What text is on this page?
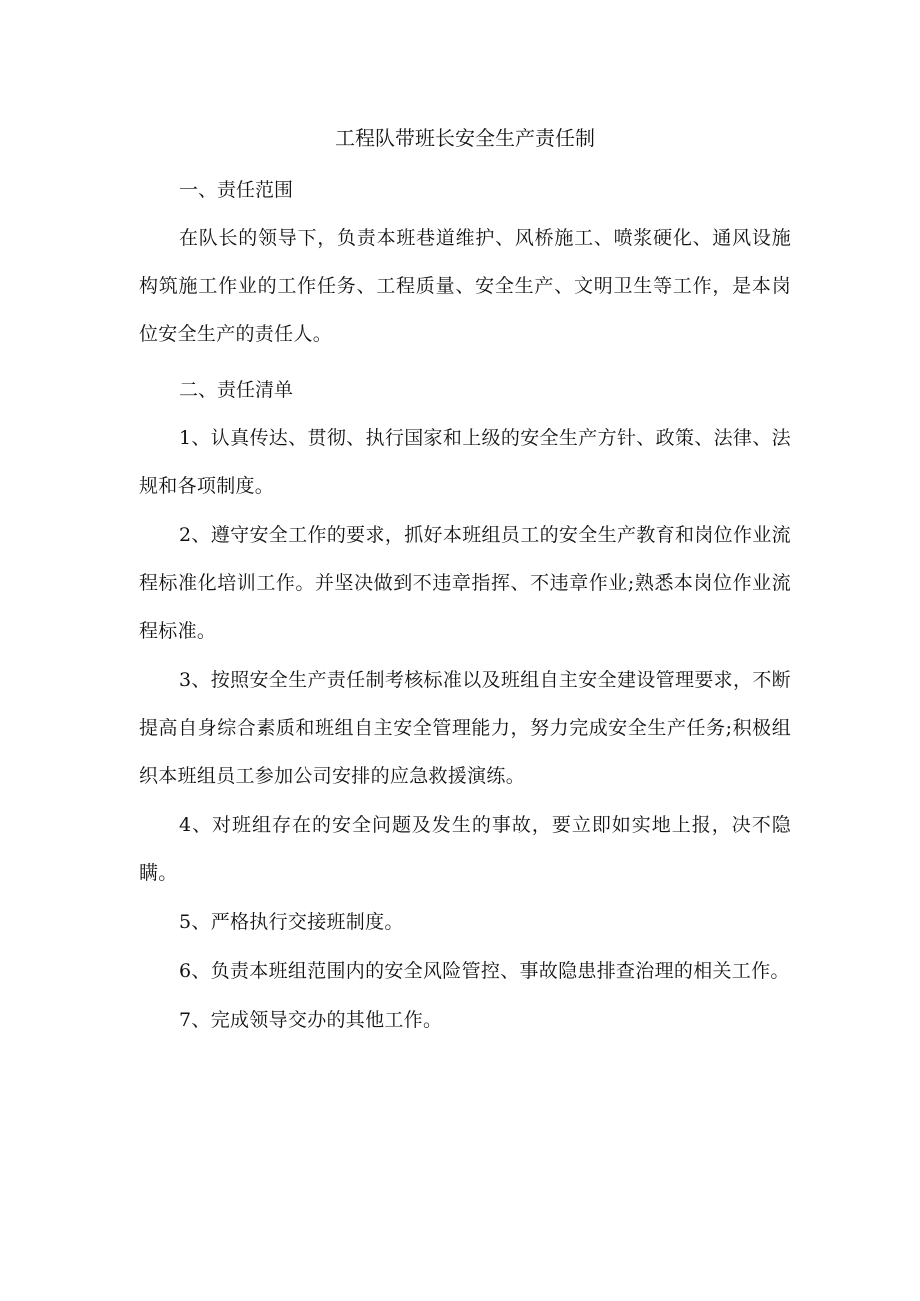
工程队带班长安全生产责任制

一、责任范围

在队长的领导下，负责本班巷道维护、风桥施工、喷浆硬化、通风设施构筑施工作业的工作任务、工程质量、安全生产、文明卫生等工作，是本岗位安全生产的责任人。

二、责任清单

1、认真传达、贯彻、执行国家和上级的安全生产方针、政策、法律、法规和各项制度。

2、遵守安全工作的要求，抓好本班组员工的安全生产教育和岗位作业流程标准化培训工作。并坚决做到不违章指挥、不违章作业;熟悉本岗位作业流程标准。

3、按照安全生产责任制考核标准以及班组自主安全建设管理要求，不断提高自身综合素质和班组自主安全管理能力，努力完成安全生产任务;积极组织本班组员工参加公司安排的应急救援演练。

4、对班组存在的安全问题及发生的事故，要立即如实地上报，决不隐瞒。

5、严格执行交接班制度。

6、负责本班组范围内的安全风险管控、事故隐患排查治理的相关工作。

7、完成领导交办的其他工作。
